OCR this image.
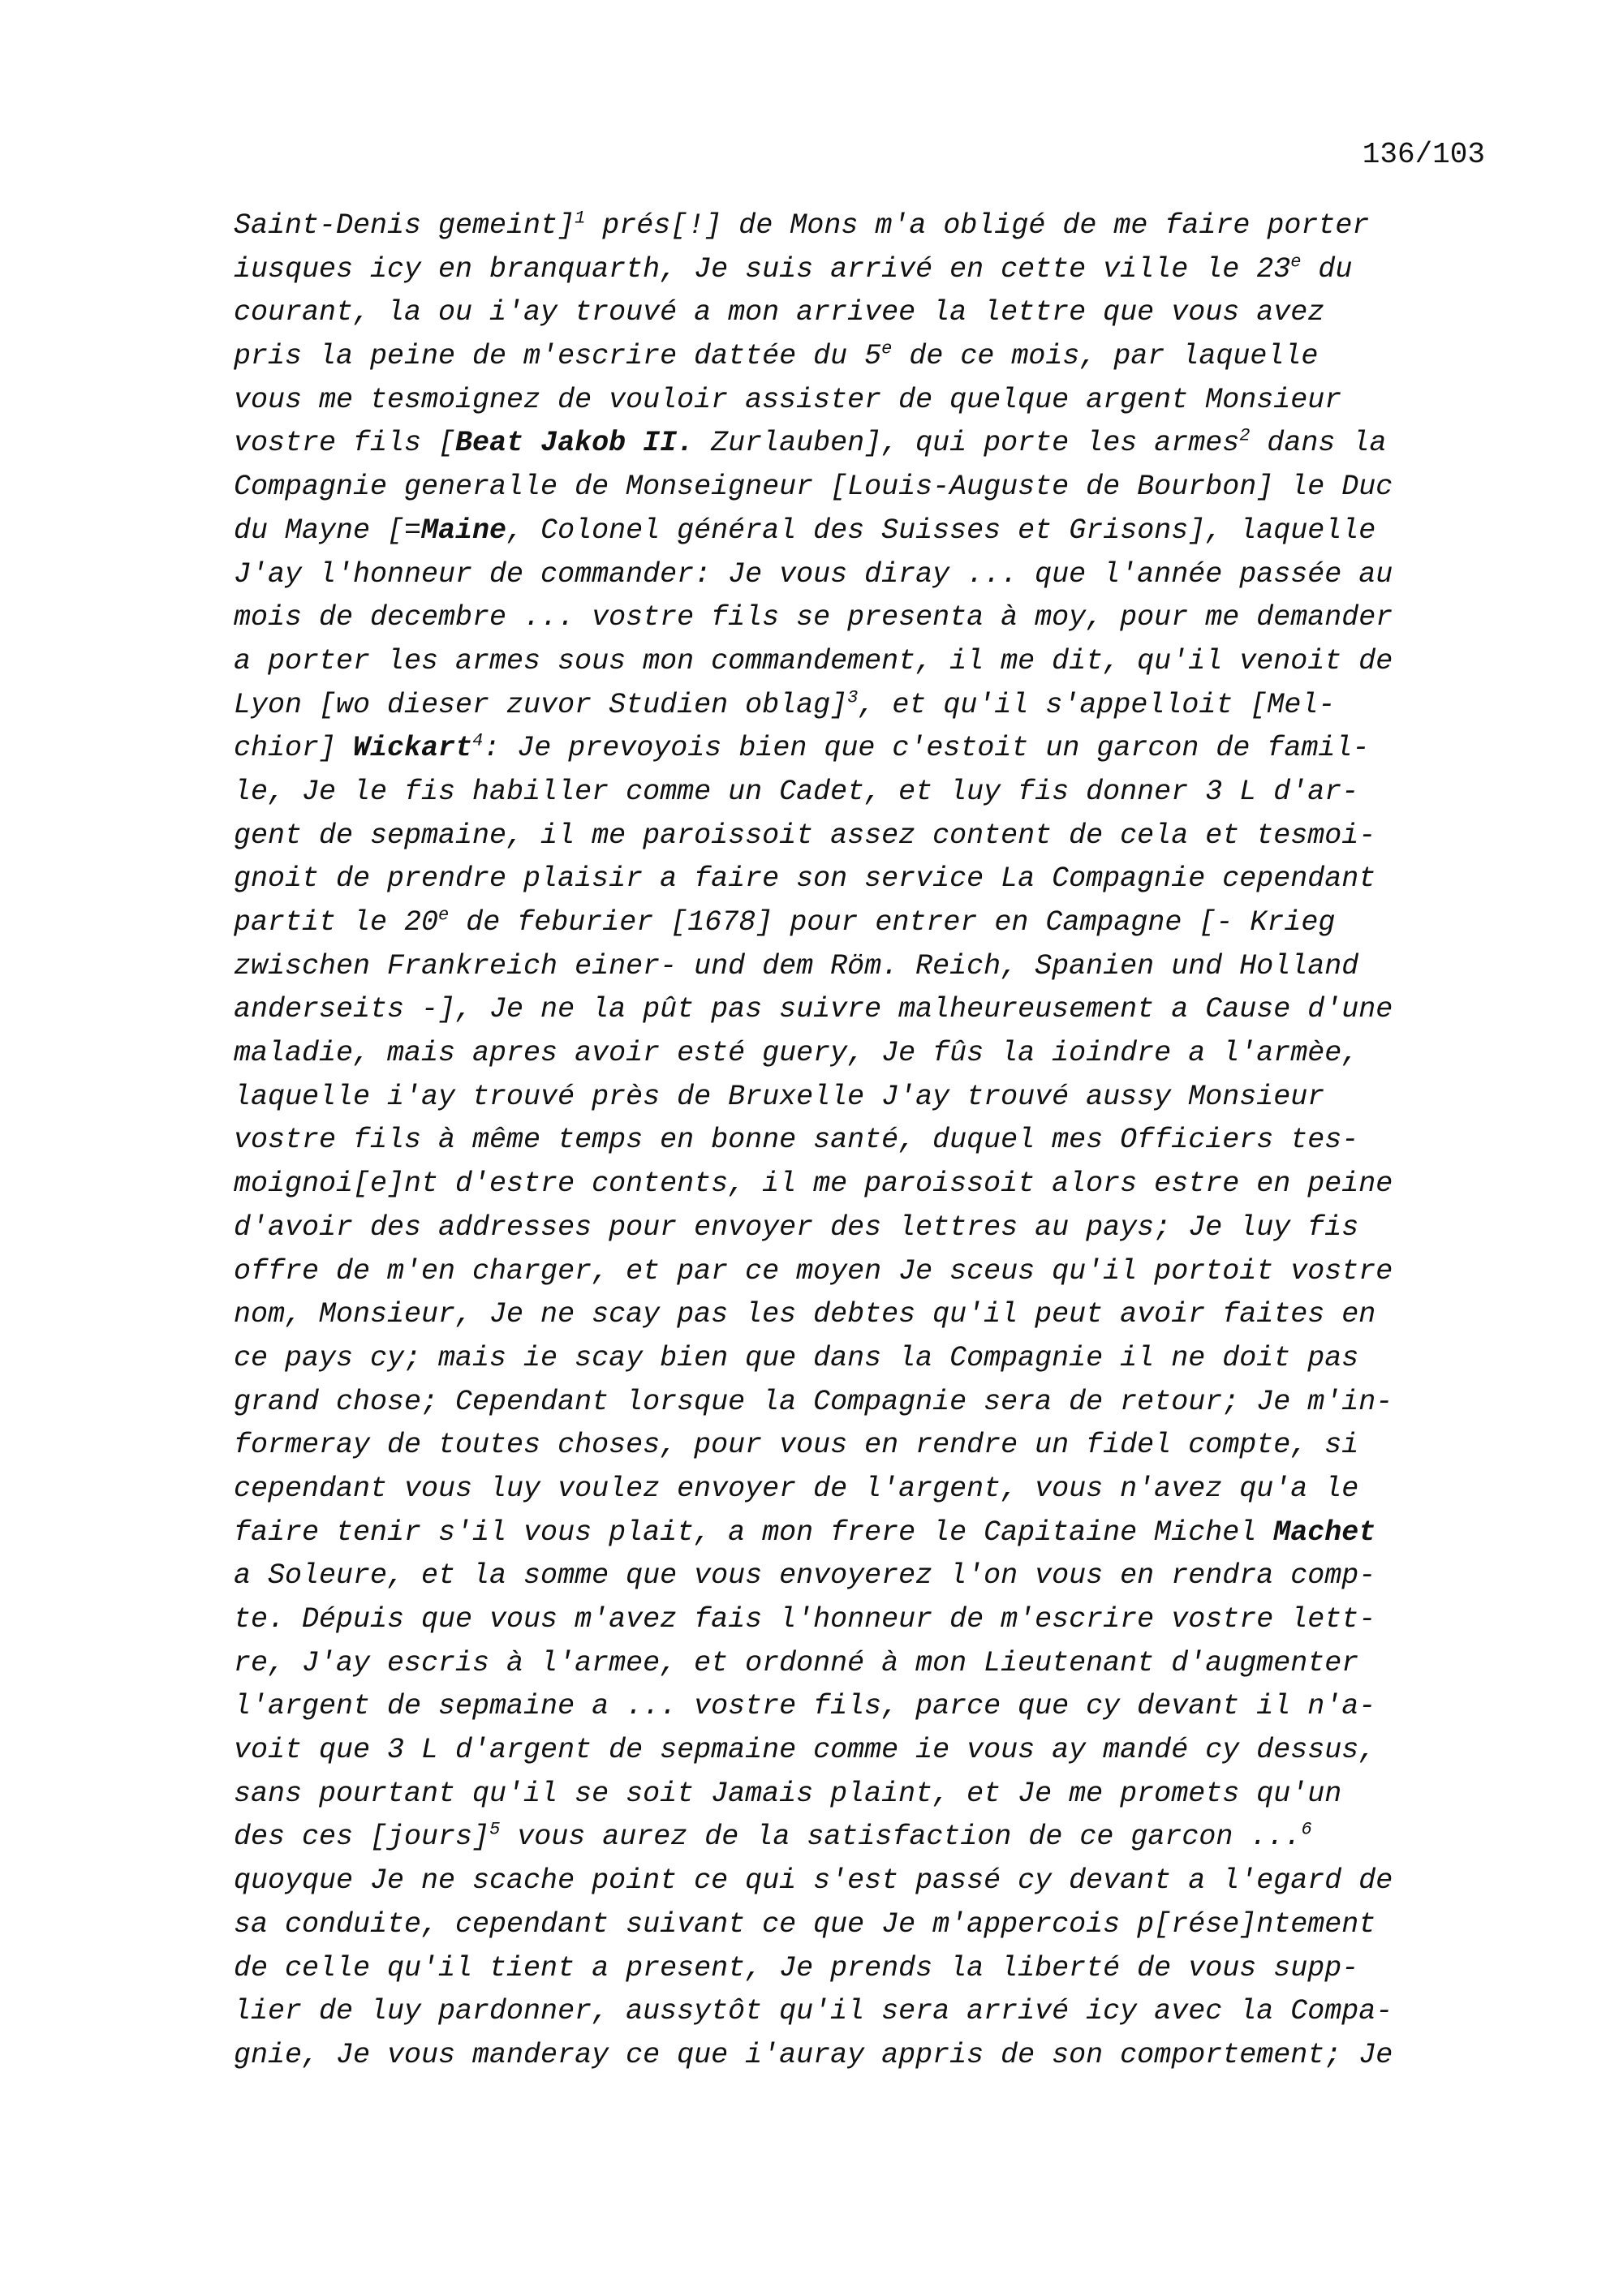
136/103
Saint-Denis gemeint]$^1$ prés[!] de Mons m'a obligé de me faire porter
iusques icy en branquarth, Je suis arrivé en cette ville le 23e du
courant, la ou i'ay trouvé a mon arrivee la lettre que vous avez
pris la peine de m'escrire dattée du 5e de ce mois, par laquelle
vous me tesmoignez de vouloir assister de quelque argent Monsieur
vostre fils [Beat Jakob II. Zurlauben], qui porte les armes$^2$ dans la
Compagnie generalle de Monseigneur [Louis-Auguste de Bourbon] le Duc
du Mayne [=Maine, Colonel général des Suisses et Grisons], laquelle
J'ay l'honneur de commander: Je vous diray ... que l'année passée au
mois de decembre ... vostre fils se presenta à moy, pour me demander
a porter les armes sous mon commandement, il me dit, qu'il venoit de
Lyon [wo dieser zuvor Studien oblag]$^3$, et qu'il s'appelloit [Mel-
chior] Wickart$^4$: Je prevoyois bien que c'estoit un garcon de famil-
le, Je le fis habiller comme un Cadet, et luy fis donner 3 L d'ar-
gent de sepmaine, il me paroissoit assez content de cela et tesmoi-
gnoit de prendre plaisir a faire son service La Compagnie cependant
partit le 20e de feburier [1678] pour entrer en Campagne [- Krieg
zwischen Frankreich einer- und dem Röm. Reich, Spanien und Holland
anderseits -], Je ne la pût pas suivre malheureusement a Cause d'une
maladie, mais apres avoir esté guery, Je fûs la ioindre a l'armèe,
laquelle i'ay trouvé près de Bruxelle J'ay trouvé aussy Monsieur
vostre fils à même temps en bonne santé, duquel mes Officiers tes-
moignoi[e]nt d'estre contents, il me paroissoit alors estre en peine
d'avoir des addresses pour envoyer des lettres au pays; Je luy fis
offre de m'en charger, et par ce moyen Je sceus qu'il portoit vostre
nom, Monsieur, Je ne scay pas les debtes qu'il peut avoir faites en
ce pays cy; mais ie scay bien que dans la Compagnie il ne doit pas
grand chose; Cependant lorsque la Compagnie sera de retour; Je m'in-
formeray de toutes choses, pour vous en rendre un fidel compte, si
cependant vous luy voulez envoyer de l'argent, vous n'avez qu'a le
faire tenir s'il vous plait, a mon frere le Capitaine Michel Machet
a Soleure, et la somme que vous envoyerez l'on vous en rendra comp-
te. Dépuis que vous m'avez fais l'honneur de m'escrire vostre lett-
re, J'ay escris à l'armee, et ordonné à mon Lieutenant d'augmenter
l'argent de sepmaine a ... vostre fils, parce que cy devant il n'a-
voit que 3 L d'argent de sepmaine comme ie vous ay mandé cy dessus,
sans pourtant qu'il se soit Jamais plaint, et Je me promets qu'un
des ces [jours]$^5$ vous aurez de la satisfaction de ce garcon ...$^6$
quoyque Je ne scache point ce qui s'est passé cy devant a l'egard de
sa conduite, cependant suivant ce que Je m'appercois p[rése]ntement
de celle qu'il tient a present, Je prends la liberté de vous supp-
lier de luy pardonner, aussytôt qu'il sera arrivé icy avec la Compa-
gnie, Je vous manderay ce que i'auray appris de son comportement; Je
